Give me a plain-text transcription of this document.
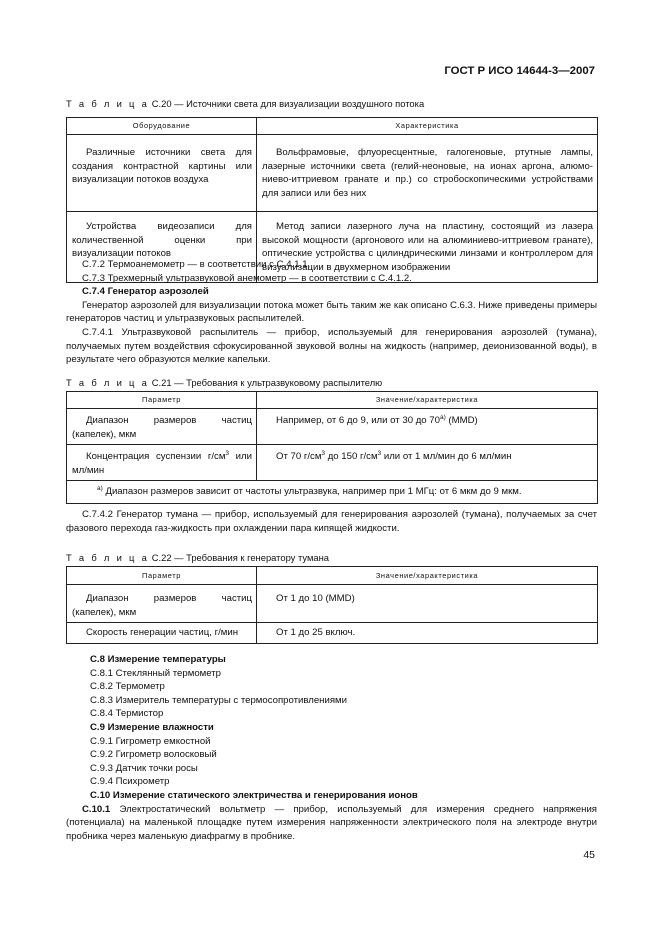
ГОСТ Р ИСО 14644-3—2007
Т а б л и ц а С.20 — Источники света для визуализации воздушного потока
Оборудование	Характеристика

Различные источники света для создания контрастной картины или визуализации потоков воздуха	Вольфрамовые, флуоресцентные, галогеновые, ртутные лампы, лазерные источники света (гелий-неоновые, на ионах аргона, алюмо-ниево-иттриевом гранате и пр.) со стробоскопическими устройствами для записи или без них

Устройства видеозаписи для количественной оценки при визуализации потоков	Метод записи лазерного луча на пластину, состоящий из лазера высокой мощности (аргонового или на алюминиево-иттриевом гранате), оптические устройства с цилиндрическими линзами и контроллером для визуализации в двухмерном изображении

С.7.2 Термоанемометр — в соответствии с С.4.1.1.

С.7.3 Трехмерный ультразвуковой анемометр — в соответствии с С.4.1.2.

С.7.4 Генератор аэрозолей

Генератор аэрозолей для визуализации потока может быть таким же как описано С.6.3. Ниже приведены примеры генераторов частиц и ультразвуковых распылителей.

С.7.4.1 Ультразвуковой распылитель — прибор, используемый для генерирования аэрозолей (тумана), получаемых путем воздействия сфокусированной звуковой волны на жидкость (например, деионизованной воды), в результате чего образуются мелкие капельки.

Т а б л и ц а С.21 — Требования к ультразвуковому распылителю
Параметр	Значение/характеристика

Диапазон размеров частиц (капелек), мкм	Например, от 6 до 9, или от 30 до $70^{а)}$ (MMD)

Концентрация суспензии $г/см^3$ или мл/мин	От 70 $г/см^3$ до 150 $г/см^3$ или от 1 мл/мин до 6 мл/мин

$^{а)}$ Диапазон размеров зависит от частоты ультразвука, например при 1 МГц: от 6 мкм до 9 мкм.	

С.7.4.2 Генератор тумана — прибор, используемый для генерирования аэрозолей (тумана), получаемых за счет фазового перехода газ-жидкость при охлаждении пара кипящей жидкости.

Т а б л и ц а С.22 — Требования к генератору тумана
Параметр	Значение/характеристика

Диапазон размеров частиц (капелек), мкм	От 1 до 10 (MMD)

Скорость генерации частиц, г/мин	От 1 до 25 включ.

С.8 Измерение температуры

С.8.1 Стеклянный термометр

С.8.2 Термометр

С.8.3 Измеритель температуры с термосопротивлениями

С.8.4 Термистор

С.9 Измерение влажности

С.9.1 Гигрометр емкостной

С.9.2 Гигрометр волосковый

С.9.3 Датчик точки росы

С.9.4 Психрометр

С.10 Измерение статического электричества и генерирования ионов

С.10.1 Электростатический вольтметр — прибор, используемый для измерения среднего напряжения (потенциала) на маленькой площадке путем измерения напряженности электрического поля на электроде внутри пробника через маленькую диафрагму в пробнике.

45
